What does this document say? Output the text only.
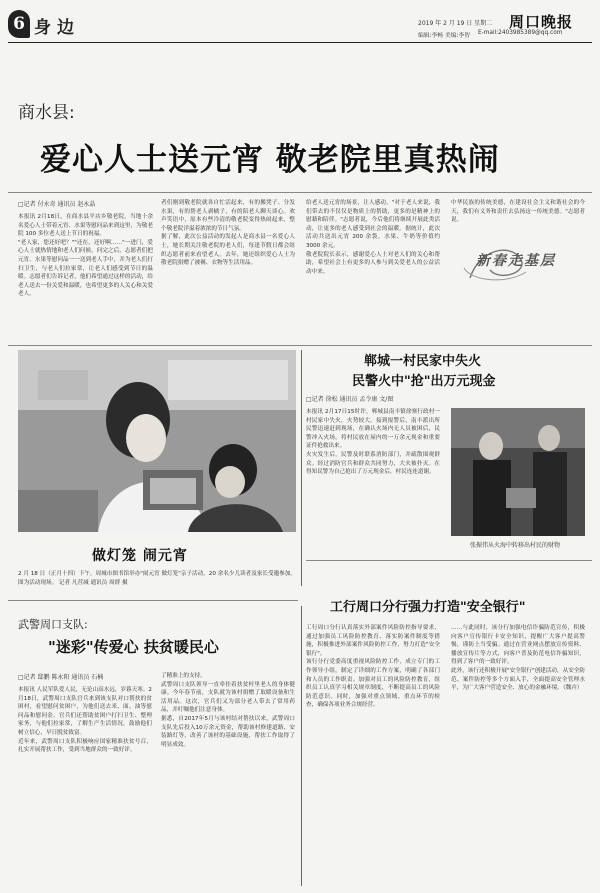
6 身边	2019 年 2 月 19 日 星期二 周口晚报
编辑:李畅 美编:李智 E-mail:2403985389@qq.com
商水县:
爱心人士送元宵 敬老院里真热闹
□记者 付永奇 通讯员 赵永晶
本报讯 2月18日，在商水县平店乡敬老院，当地十余名爱心人士带着元宵、水果等慰问品来到这里，为敬老院 100 多位老人送上节日的祝福。
"老人家，您还好吧？""还在，还好啊……"一进门，爱心人士就热情地和老人们问候。问完之后，志愿者们把元宵、水果等慰问品一一送到老人手中，并为老人们打扫卫生，与老人们拉家常，让老人们感受到节日的温暖。志愿者们告诉记者，他们希望通过这样的活动，给老人送去一份关爱和温暖，也希望更多的人关心和关爱老人。
者们刚到敬老院就各自忙活起来，有的搬凳子、分发水果，有的帮老人剥橘子，有的陪老人聊天谈心。欢声笑语中，原本有些冷清的敬老院变得热闹起来，整个敬老院洋溢着浓浓的节日气氛。
据了解，此次公益活动的发起人是商水县一名爱心人士，她长期关注敬老院的老人们，每逢节假日都会组织志愿者前来看望老人。去年，她还组织爱心人士为敬老院捐赠了被褥、衣物等生活用品。
给老人送元宵的场景，让人感动。"对于老人来说，我们带去的不仅仅是物质上的帮助，更多的是精神上的慰藉和陪伴。"志愿者说，今后他们将继续开展此类活动，让更多的老人感受到社会的温暖。据统计，此次活动共送出元宵 200 余袋，水果、牛奶等价值约 3000 余元。
敬老院院长表示，感谢爱心人士对老人们的关心和帮助，希望社会上有更多的人参与到关爱老人的公益活动中来。
中华民族的传统美德，在建设社会主义和谐社会的今天，我们有义务和责任去弘扬这一传统美德。"志愿者说。
新春走基层
做灯笼 闹元宵
2 月 18 日（正月十四）下午，周城市图书馆举办"闹元宵 做灯笼"亲子活动，20 余名少儿读者及家长受邀参加。图为活动现场。 记者 凡营减 通讯员 周群 摄
郸城一村民家中失火
民警火中"抢"出万元现金
□记者 徐松 通讯员 孟令康 文/图
本报讯 2月17日15时许，郸城县南丰镇徐寨行政村一村民家中失火，火势较大。接到报警后，南丰派出所民警迅速赶到现场，在确认火场内无人员被困后，民警冲入火场，将村民放在屋内的一万余元现金和重要证件抢救出来。
火灾发生后，民警及时联系消防部门，并疏散围观群众。经过消防官兵和群众共同努力，大火被扑灭。在得知民警为自己抢出了万元现金后，村民连连道谢。
张振伟从火海中转移出村民的财物
工行周口分行强力打造"安全银行"
武警周口支队:
"迷彩"传爱心 扶贫暖民心
□记者 邸鹏 陈永阳 通讯员 石楠
本报讯 人民军队爱人民，无论山高水远，岁暮天寒。2月18日，武警周口支队官兵来到该支队对口帮扶的贫困村，看望慰问贫困户，为他们送去米、面、油等慰问品和慰问金。官兵们还帮助贫困户打扫卫生、整理家务，与他们拉家常，了解生产生活情况，鼓励他们树立信心，早日脱贫致富。
近年来，武警周口支队积极响应国家精准扶贫号召，扎实开展帮扶工作，受到当地群众的一致好评。
了精准上的支持。
武警周口支队领导一直牵挂着扶贫村里老人的身体健康。今年春节前，支队就为该村捐赠了取暖设备和生活用品。这次，官兵们又为部分老人带去了常用药品，并叮嘱他们注意身体。
据悉，自2017年5月与该村结对帮扶以来，武警周口支队先后投入10万余元资金，帮助该村修建道路、安装路灯等，改善了该村的基础设施，帮扶工作取得了明显成效。
工行周口分行认真落实外部案件风险防控指导要求，通过加强员工风险防控教育、落实防案件制度等措施，积极推进外部案件风险防控工作，努力打造"安全银行"。
该行分行党委高度重视风险防控工作，成立专门的工作领导小组，制定了详细的工作方案，明确了各部门和人员的工作职责。加强对员工的风险防控教育，组织员工认真学习相关规章制度，不断提高员工的风险防范意识。同时，加强对重点领域、重点环节的检查，确保各项业务合规经营。
……与此同时，该分行加强电信诈骗防范宣传，积极向客户宣传银行卡安全知识，提醒广大客户提高警惕，谨防上当受骗。通过在营业网点摆放宣传资料、播放宣传片等方式，向客户普及防范电信诈骗知识，得到了客户的一致好评。
此外，该行还积极开展"安全银行"创建活动，从安全防范、案件防控等多个方面入手，全面提高安全管理水平，为广大客户营造安全、放心的金融环境。（魏卉）
